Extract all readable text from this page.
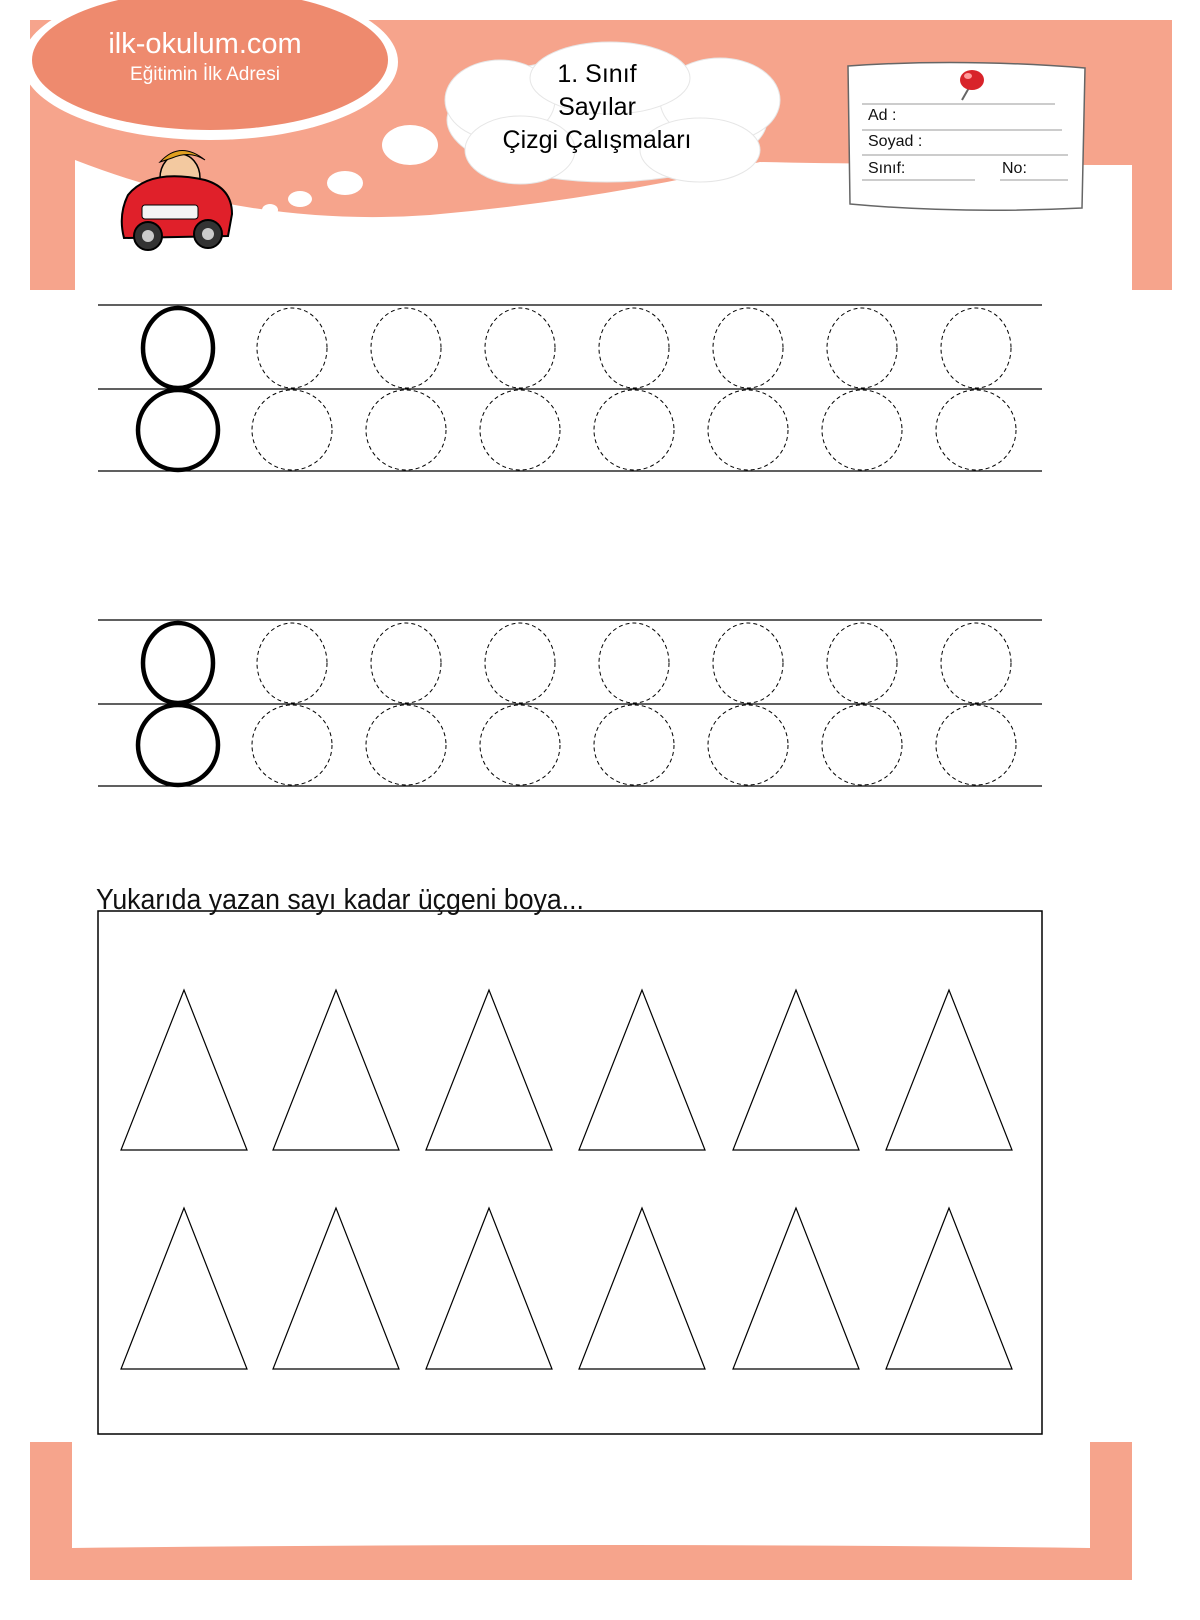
ilk-okulum.com
Eğitimin İlk Adresi	1. Sınıf
Sayılar
Çizgi Çalışmaları
Ad :
Soyad :
Sınıf:	No:
Yukarıda yazan sayı kadar üçgeni boya...
ilk-okulum.com
Eğitimin İlk Adresi
